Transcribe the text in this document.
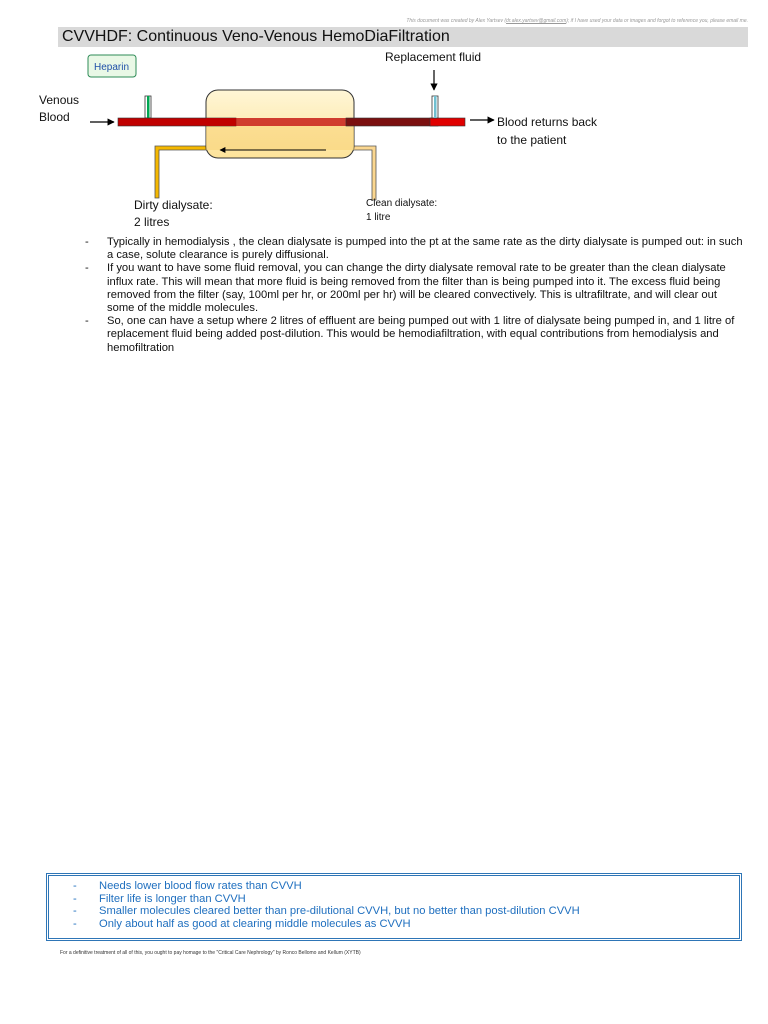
This document was created by Alex Yartsev (dr.alex.yartsev@gmail.com); if I have used your data or images and forgot to reference you, please email me.
CVVHDF: Continuous Veno-Venous HemoDiaFiltration
Heparin
Replacement fluid
Venous
Blood	Blood returns back
to the patient
Dirty dialysate:
2 litres
Clean dialysate:
1 litre
- Typically in hemodialysis , the clean dialysate is pumped into the pt at the same rate as the dirty dialysate is pumped out: in such a case, solute clearance is purely diffusional.
- If you want to have some fluid removal, you can change the dirty dialysate removal rate to be greater than the clean dialysate influx rate. This will mean that more fluid is being removed from the filter than is being pumped into it. The excess fluid being removed from the filter (say, 100ml per hr, or 200ml per hr) will be cleared convectively. This is ultrafiltrate, and will clear out some of the middle molecules.
- So, one can have a setup where 2 litres of effluent are being pumped out with 1 litre of dialysate being pumped in, and 1 litre of replacement fluid being added post-dilution. This would be hemodiafiltration, with equal contributions from hemodialysis and hemofiltration
- Needs lower blood flow rates than CVVH
- Filter life is longer than CVVH
- Smaller molecules cleared better than pre-dilutional CVVH, but no better than post-dilution CVVH
- Only about half as good at clearing middle molecules as CVVH
For a definitive treatment of all of this, you ought to pay homage to the "Critical Care Nephrology" by Ronco Bellomo and Kellum (XYTB)
